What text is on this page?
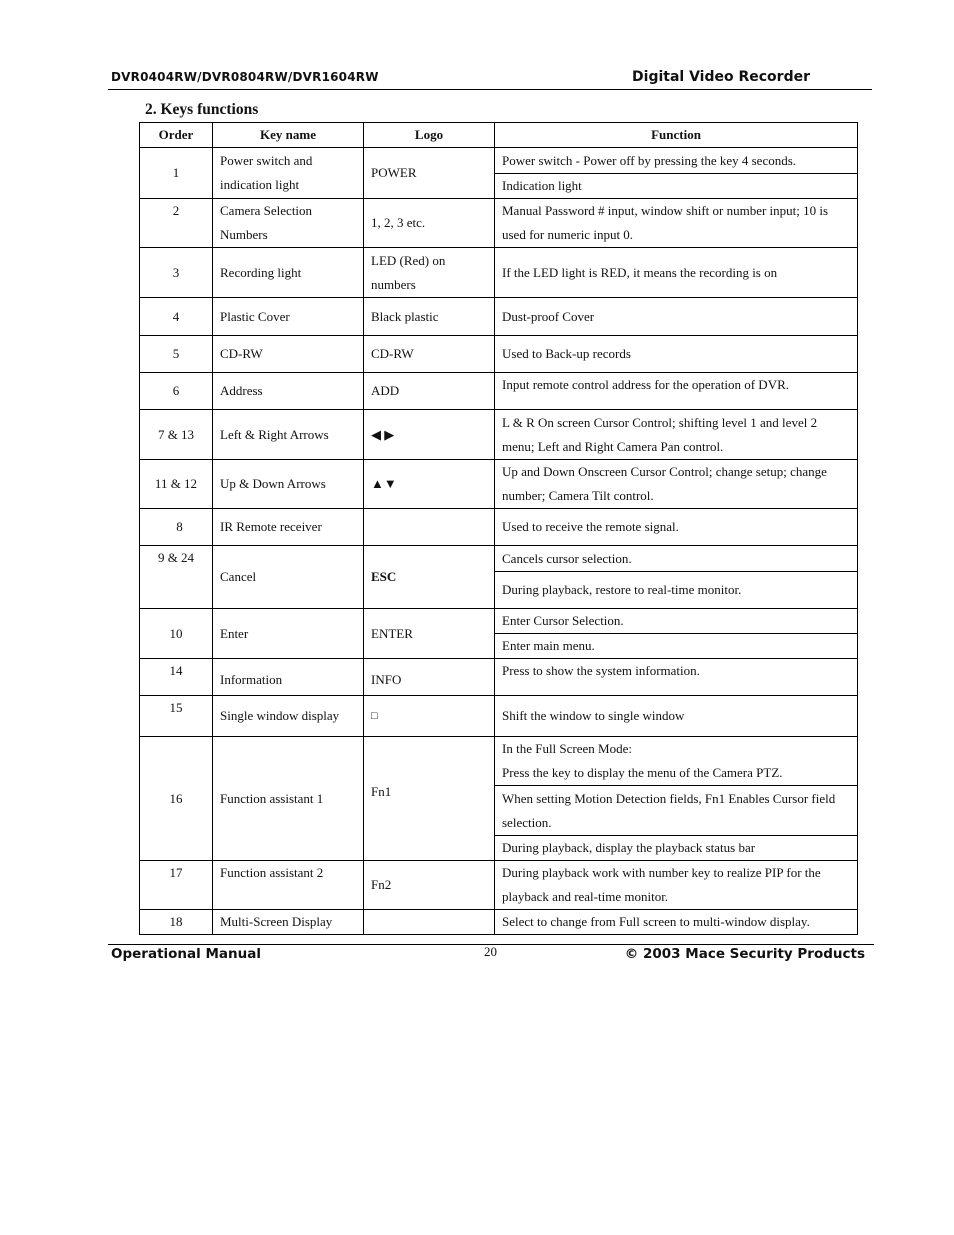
DVR0404RW/DVR0804RW/DVR1604RW	Digital Video Recorder
2. Keys functions
Order	Key name	Logo	Function
1	Power switch and indication light	POWER	Power switch - Power off by pressing the key 4 seconds.
			Indication light
2	Camera Selection Numbers	1, 2, 3 etc.	Manual Password # input, window shift or number input; 10 is used for numeric input 0.
3	Recording light	LED (Red) on numbers	If the LED light is RED, it means the recording is on
4	Plastic Cover	Black plastic	Dust-proof Cover
5	CD-RW	CD-RW	Used to Back-up records
6	Address	ADD	Input remote control address for the operation of DVR.
7 & 13	Left & Right Arrows	◀ ▶	L & R On screen Cursor Control; shifting level 1 and level 2 menu; Left and Right Camera Pan control.
11 & 12	Up & Down Arrows	▲▼	Up and Down Onscreen Cursor Control; change setup; change number; Camera Tilt control.
8	IR Remote receiver		Used to receive the remote signal.
9 & 24	Cancel	ESC	Cancels cursor selection.
			During playback, restore to real-time monitor.
10	Enter	ENTER	Enter Cursor Selection.
			Enter main menu.
14	Information	INFO	Press to show the system information.
15	Single window display	□	Shift the window to single window
16	Function assistant 1	Fn1	In the Full Screen Mode:
Press the key to display the menu of the Camera PTZ.

			When setting Motion Detection fields, Fn1 Enables Cursor field selection.
			During playback, display the playback status bar
17	Function assistant 2	Fn2	During playback work with number key to realize PIP for the playback and real-time monitor.
18	Multi-Screen Display		Select to change from Full screen to multi-window display.
Operational Manual	20	© 2003 Mace Security Products
